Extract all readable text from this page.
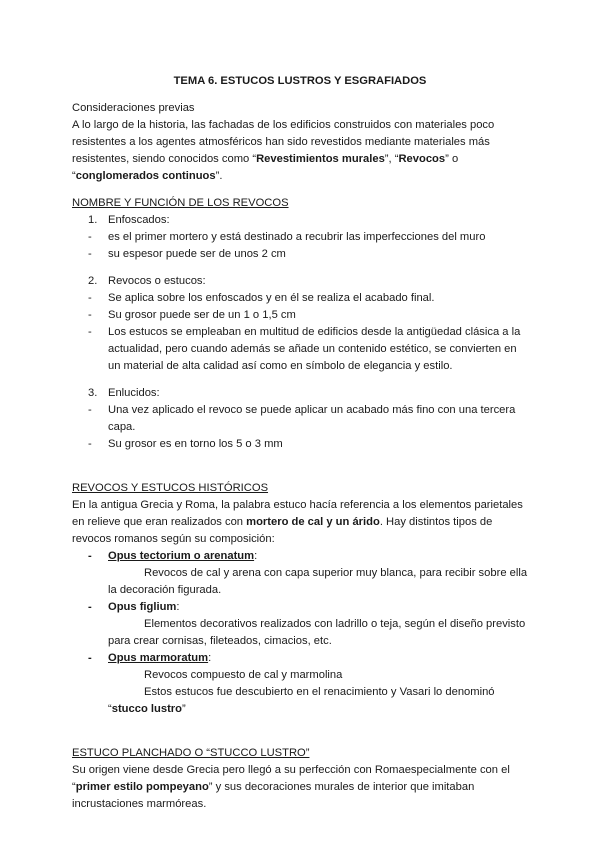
TEMA 6. ESTUCOS LUSTROS Y ESGRAFIADOS
Consideraciones previas
A lo largo de la historia, las fachadas de los edificios construidos con materiales poco
resistentes a los agentes atmosféricos han sido revestidos mediante materiales más
resistentes, siendo conocidos como “Revestimientos murales”, “Revocos” o
“conglomerados continuos”.
NOMBRE Y FUNCIÓN DE LOS REVOCOS
1. Enfoscados:
- es el primer mortero y está destinado a recubrir las imperfecciones del muro
- su espesor puede ser de unos 2 cm
2. Revocos o estucos:
- Se aplica sobre los enfoscados y en él se realiza el acabado final.
- Su grosor puede ser de un 1 o 1,5 cm
- Los estucos se empleaban en multitud de edificios desde la antigüedad clásica a la
actualidad, pero cuando además se añade un contenido estético, se convierten en
un material de alta calidad así como en símbolo de elegancia y estilo.
3. Enlucidos:
- Una vez aplicado el revoco se puede aplicar un acabado más fino con una tercera
capa.
- Su grosor es en torno los 5 o 3 mm
REVOCOS Y ESTUCOS HISTÓRICOS
En la antigua Grecia y Roma, la palabra estuco hacía referencia a los elementos parietales
en relieve que eran realizados con mortero de cal y un árido. Hay distintos tipos de
revocos romanos según su composición:
- Opus tectorium o arenatum:
Revocos de cal y arena con capa superior muy blanca, para recibir sobre ella
la decoración figurada.
- Opus figlium:
Elementos decorativos realizados con ladrillo o teja, según el diseño previsto
para crear cornisas, fileteados, cimacios, etc.
- Opus marmoratum:
Revocos compuesto de cal y marmolina
Estos estucos fue descubierto en el renacimiento y Vasari lo denominó
“stucco lustro”
ESTUCO PLANCHADO O “STUCCO LUSTRO”
Su origen viene desde Grecia pero llegó a su perfección con Romaespecialmente con el
“primer estilo pompeyano” y sus decoraciones murales de interior que imitaban
incrustaciones marmóreas.
